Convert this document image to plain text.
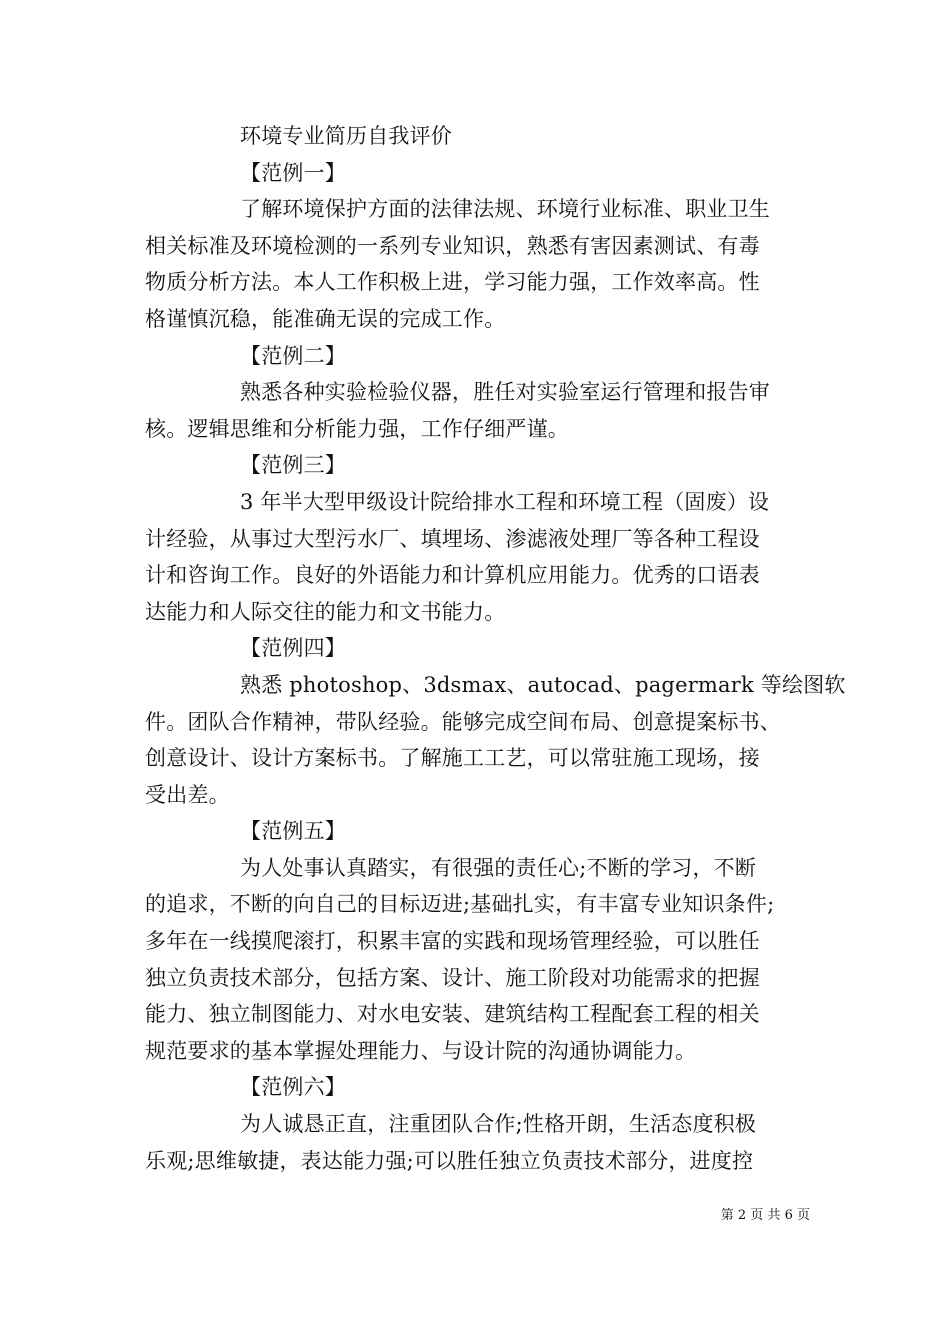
环境专业简历自我评价
【范例一】
了解环境保护方面的法律法规、环境行业标准、职业卫生
相关标准及环境检测的一系列专业知识，熟悉有害因素测试、有毒
物质分析方法。本人工作积极上进，学习能力强，工作效率高。性
格谨慎沉稳，能准确无误的完成工作。
【范例二】
熟悉各种实验检验仪器，胜任对实验室运行管理和报告审
核。逻辑思维和分析能力强，工作仔细严谨。
【范例三】
3 年半大型甲级设计院给排水工程和环境工程（固废）设
计经验，从事过大型污水厂、填埋场、渗滤液处理厂等各种工程设
计和咨询工作。良好的外语能力和计算机应用能力。优秀的口语表
达能力和人际交往的能力和文书能力。
【范例四】
熟悉 photoshop、3dsmax、autocad、pagermark 等绘图软
件。团队合作精神，带队经验。能够完成空间布局、创意提案标书、
创意设计、设计方案标书。了解施工工艺，可以常驻施工现场，接
受出差。
【范例五】
为人处事认真踏实，有很强的责任心;不断的学习，不断
的追求，不断的向自己的目标迈进;基础扎实，有丰富专业知识条件;
多年在一线摸爬滚打，积累丰富的实践和现场管理经验，可以胜任
独立负责技术部分，包括方案、设计、施工阶段对功能需求的把握
能力、独立制图能力、对水电安装、建筑结构工程配套工程的相关
规范要求的基本掌握处理能力、与设计院的沟通协调能力。
【范例六】
为人诚恳正直，注重团队合作;性格开朗，生活态度积极
乐观;思维敏捷，表达能力强;可以胜任独立负责技术部分，进度控
第 2 页 共 6 页
